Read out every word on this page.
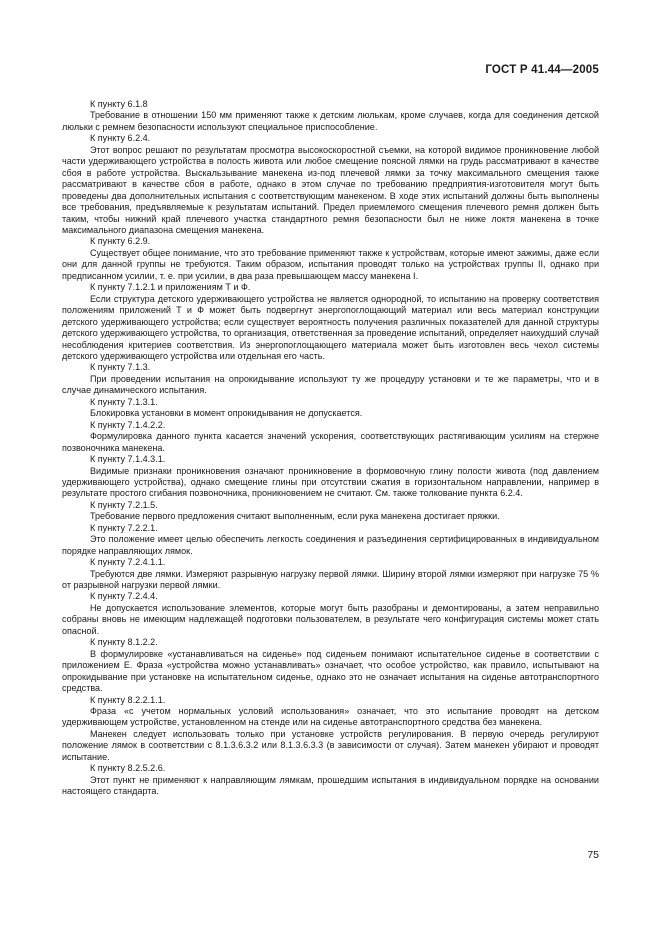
ГОСТ Р 41.44—2005

К пункту 6.1.8

Требование в отношении 150 мм применяют также к детским люлькам, кроме случаев, когда для соединения детской люльки с ремнем безопасности используют специальное приспособление.

К пункту 6.2.4.

Этот вопрос решают по результатам просмотра высокоскоростной съемки, на которой видимое проникновение любой части удерживающего устройства в полость живота или любое смещение поясной лямки на грудь рассматривают в качестве сбоя в работе устройства. Выскальзывание манекена из-под плечевой лямки за точку максимального смещения также рассматривают в качестве сбоя в работе, однако в этом случае по требованию предприятия-изготовителя могут быть проведены два дополнительных испытания с соответствующим манекеном. В ходе этих испытаний должны быть выполнены все требования, предъявляемые к результатам испытаний. Предел приемлемого смещения плечевого ремня должен быть таким, чтобы нижний край плечевого участка стандартного ремня безопасности был не ниже локтя манекена в точке максимального диапазона смещения манекена.

К пункту 6.2.9.

Существует общее понимание, что это требование применяют также к устройствам, которые имеют зажимы, даже если они для данной группы не требуются. Таким образом, испытания проводят только на устройствах группы II, однако при предписанном усилии, т. е. при усилии, в два раза превышающем массу манекена I.

К пункту 7.1.2.1 и приложениям Т и Ф.

Если структура детского удерживающего устройства не является однородной, то испытанию на проверку соответствия положениям приложений Т и Ф может быть подвергнут энергопоглощающий материал или весь материал конструкции детского удерживающего устройства; если существует вероятность получения различных показателей для данной структуры детского удерживающего устройства, то организация, ответственная за проведение испытаний, определяет наихудший случай несоблюдения критериев соответствия. Из энергопоглощающего материала может быть изготовлен весь чехол системы детского удерживающего устройства или отдельная его часть.

К пункту 7.1.3.

При проведении испытания на опрокидывание используют ту же процедуру установки и те же параметры, что и в случае динамического испытания.

К пункту 7.1.3.1.

Блокировка установки в момент опрокидывания не допускается.

К пункту 7.1.4.2.2.

Формулировка данного пункта касается значений ускорения, соответствующих растягивающим усилиям на стержне позвоночника манекена.

К пункту 7.1.4.3.1.

Видимые признаки проникновения означают проникновение в формовочную глину полости живота (под давлением удерживающего устройства), однако смещение глины при отсутствии сжатия в горизонтальном направлении, например в результате простого сгибания позвоночника, проникновением не считают. См. также толкование пункта 6.2.4.

К пункту 7.2.1.5.

Требование первого предложения считают выполненным, если рука манекена достигает пряжки.

К пункту 7.2.2.1.

Это положение имеет целью обеспечить легкость соединения и разъединения сертифицированных в индивидуальном порядке направляющих лямок.

К пункту 7.2.4.1.1.

Требуются две лямки. Измеряют разрывную нагрузку первой лямки. Ширину второй лямки измеряют при нагрузке 75 % от разрывной нагрузки первой лямки.

К пункту 7.2.4.4.

Не допускается использование элементов, которые могут быть разобраны и демонтированы, а затем неправильно собраны вновь не имеющим надлежащей подготовки пользователем, в результате чего конфигурация системы может стать опасной.

К пункту 8.1.2.2.

В формулировке «устанавливаться на сиденье» под сиденьем понимают испытательное сиденье в соответствии с приложением Е. Фраза «устройства можно устанавливать» означает, что особое устройство, как правило, испытывают на опрокидывание при установке на испытательном сиденье, однако это не означает испытания на сиденье автотранспортного средства.

К пункту 8.2.2.1.1.

Фраза «с учетом нормальных условий использования» означает, что это испытание проводят на детском удерживающем устройстве, установленном на стенде или на сиденье автотранспортного средства без манекена.

Манекен следует использовать только при установке устройств регулирования. В первую очередь регулируют положение лямок в соответствии с 8.1.3.6.3.2 или 8.1.3.6.3.3 (в зависимости от случая). Затем манекен убирают и проводят испытание.

К пункту 8.2.5.2.6.

Этот пункт не применяют к направляющим лямкам, прошедшим испытания в индивидуальном порядке на основании настоящего стандарта.

75
